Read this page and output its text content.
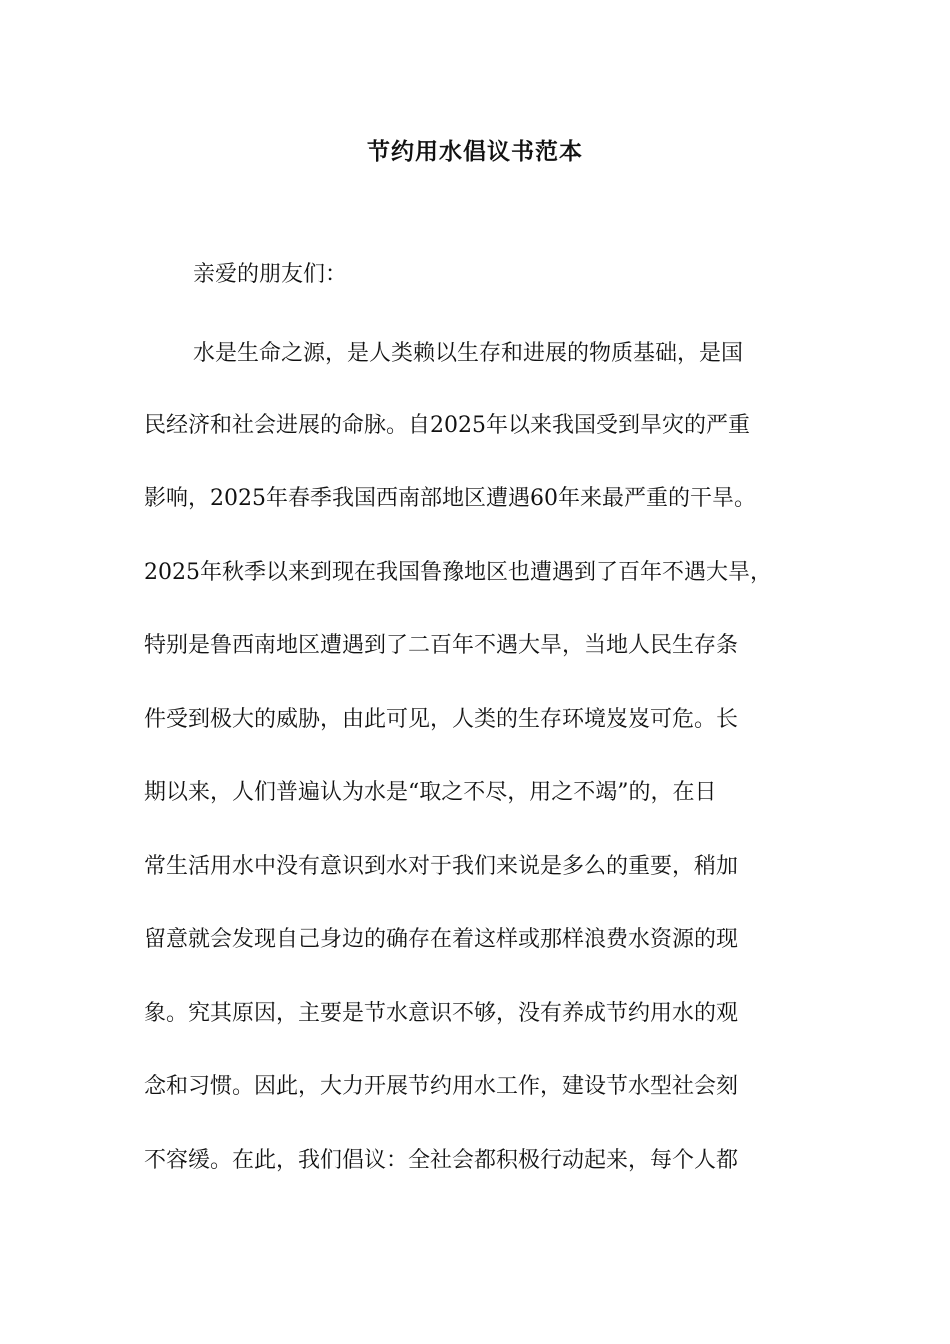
节约用水倡议书范本
亲爱的朋友们：
水是生命之源，是人类赖以生存和进展的物质基础，是国
民经济和社会进展的命脉。自2025年以来我国受到旱灾的严重
影响，2025年春季我国西南部地区遭遇60年来最严重的干旱。
2025年秋季以来到现在我国鲁豫地区也遭遇到了百年不遇大旱，
特别是鲁西南地区遭遇到了二百年不遇大旱，当地人民生存条
件受到极大的威胁，由此可见，人类的生存环境岌岌可危。长
期以来，人们普遍认为水是“取之不尽，用之不竭”的，在日
常生活用水中没有意识到水对于我们来说是多么的重要，稍加
留意就会发现自己身边的确存在着这样或那样浪费水资源的现
象。究其原因，主要是节水意识不够，没有养成节约用水的观
念和习惯。因此，大力开展节约用水工作，建设节水型社会刻
不容缓。在此，我们倡议：全社会都积极行动起来，每个人都
